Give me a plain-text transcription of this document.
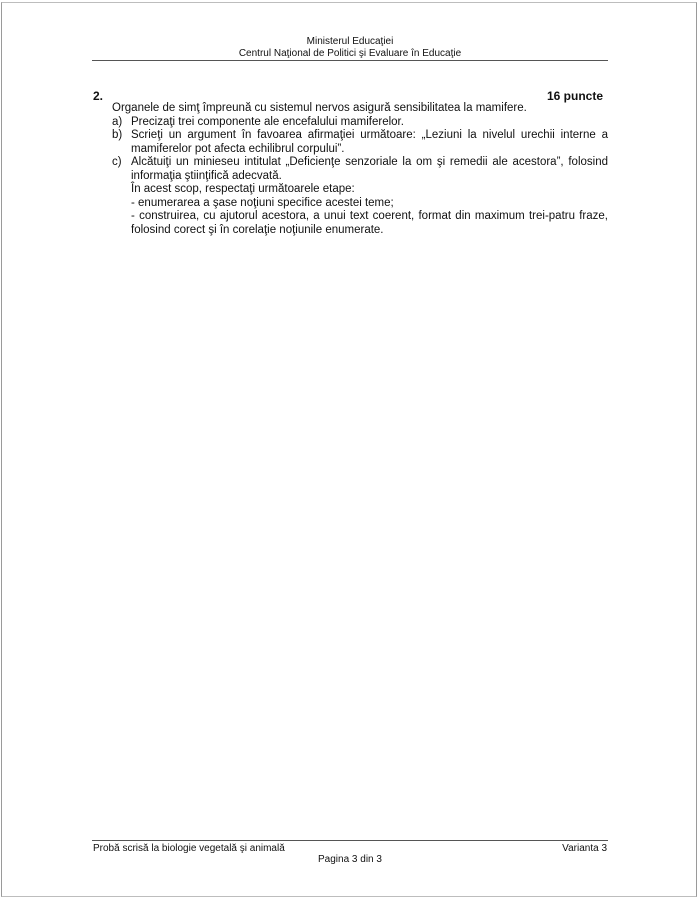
Ministerul Educaţiei
Centrul Naţional de Politici şi Evaluare în Educaţie
2.	16 puncte

Organele de simţ împreună cu sistemul nervos asigură sensibilitatea la mamifere.

a) Precizaţi trei componente ale encefalului mamiferelor.

b) Scrieţi un argument în favoarea afirmaţiei următoare: „Leziuni la nivelul urechii interne a mamiferelor pot afecta echilibrul corpului”.

c) Alcătuiţi un minieseu intitulat „Deficienţe senzoriale la om şi remedii ale acestora”, folosind informaţia ştiinţifică adecvată.

În acest scop, respectaţi următoarele etape:

- enumerarea a şase noţiuni specifice acestei teme;

- construirea, cu ajutorul acestora, a unui text coerent, format din maximum trei-patru fraze, folosind corect şi în corelaţie noţiunile enumerate.

Probă scrisă la biologie vegetală şi animală	Varianta 3
Pagina 3 din 3
